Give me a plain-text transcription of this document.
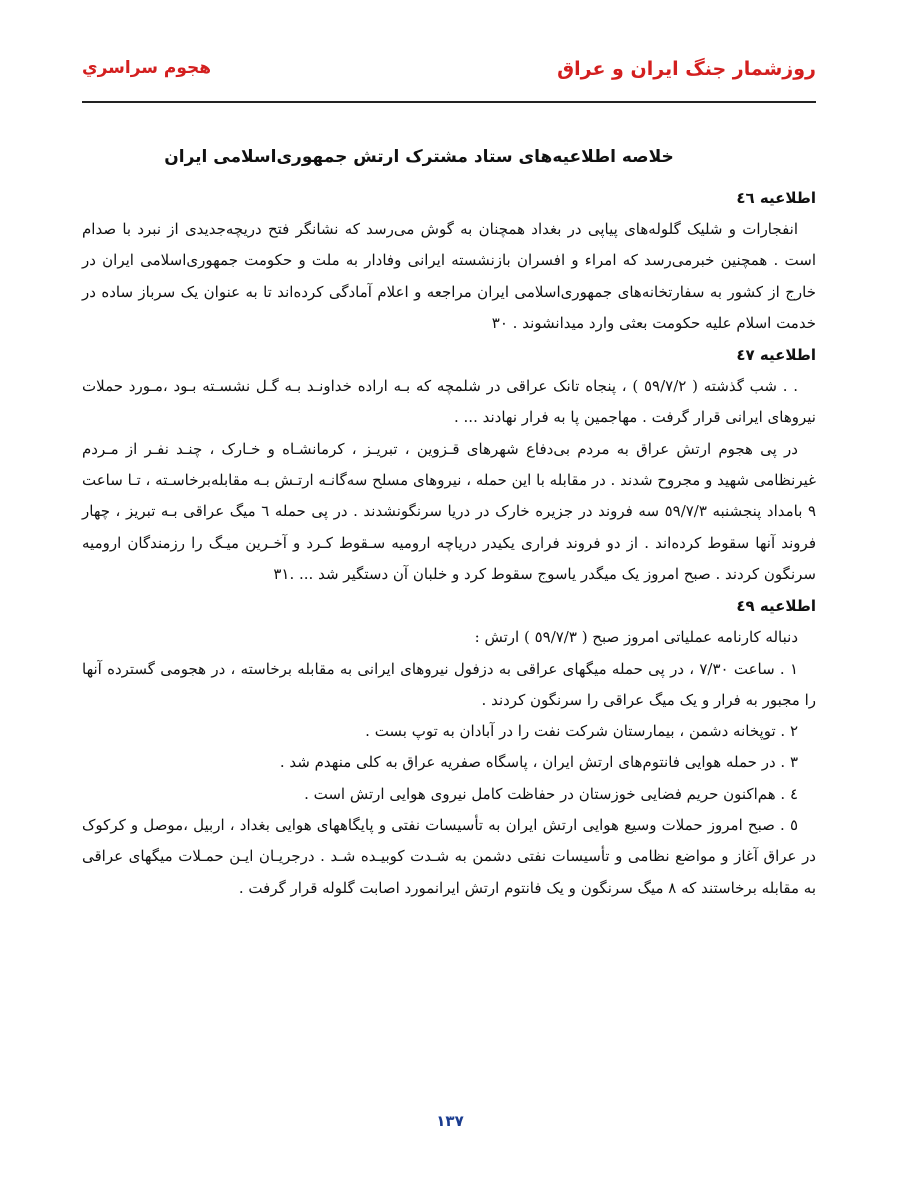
روزشمار جنگ ایران و عراق
هجوم سراسري
خلاصه اطلاعیه‌های ستاد مشترک ارتش جمهوری‌اسلامی ایران
اطلاعیه ٤٦

انفجارات و شلیک گلوله‌های پیاپی در بغداد همچنان به گوش می‌رسد که نشانگر فتح دریچه‌جدیدی از نبرد با صدام است . همچنین خبرمی‌رسد که امراء و افسران بازنشسته ایرانی وفادار به ملت و حکومت جمهوری‌اسلامی ایران در خارج از کشور به سفارتخانه‌های جمهوری‌اسلامی ایران مراجعه و اعلام آمادگی کرده‌اند تا به عنوان یک سرباز ساده در خدمت اسلام علیه حکومت بعثی وارد میدانشوند . ۳۰

اطلاعیه ٤٧

. . شب گذشته ( ٥٩/٧/٢ ) ، پنجاه تانک عراقی در شلمچه که بـه اراده خداونـد بـه گـل نشسـته بـود ،مـورد حملات نیروهای ایرانی قرار گرفت . مهاجمین پا به فرار نهادند ... .

در پی هجوم ارتش عراق به مردم بی‌دفاع شهرهای قـزوین ، تبریـز ، کرمانشـاه و خـارک ، چنـد نفـر از مـردم غیرنظامی شهید و مجروح شدند . در مقابله با این حمله ، نیروهای مسلح سه‌گانـه ارتـش بـه مقابله‌برخاسـته ، تـا ساعت ٩ بامداد پنجشنبه ٥٩/٧/٣ سه فروند در جزیره خارک در دریا سرنگونشدند . در پی حمله ٦ میگ عراقی بـه تبریز ، چهار فروند آنها سقوط کرده‌اند . از دو فروند فراری یکیدر دریاچه ارومیه سـقوط کـرد و آخـرین میـگ را رزمندگان ارومیه سرنگون کردند . صبح امروز یک میگدر یاسوج سقوط کرد و خلبان آن دستگیر شد ... .۳۱

اطلاعیه ٤٩

دنباله کارنامه عملیاتی امروز صبح ( ٥٩/٧/٣ ) ارتش :

١ . ساعت ٧/٣٠ ، در پی حمله میگهای عراقی به دزفول نیروهای ایرانی به مقابله برخاسته ، در هجومی گسترده آنها را مجبور به فرار و یک میگ عراقی را سرنگون کردند .

٢ . توپخانه دشمن ، بیمارستان شرکت نفت را در آبادان به توپ بست .

٣ . در حمله هوایی فانتوم‌های ارتش ایران ، پاسگاه صفریه عراق به کلی منهدم شد .

٤ . هم‌اکنون حریم فضایی خوزستان در حفاظت کامل نیروی هوایی ارتش است .

٥ . صبح امروز حملات وسیع هوایی ارتش ایران به تأسیسات نفتی و پایگاههای هوایی بغداد ، اربیل ،موصل و کرکوک در عراق آغاز و مواضع نظامی و تأسیسات نفتی دشمن به شـدت کوبیـده شـد . درجریـان ایـن حمـلات میگهای عراقی به مقابله برخاستند که ٨ میگ سرنگون و یک فانتوم ارتش ایرانمورد اصابت گلوله قرار گرفت .

١٣٧
